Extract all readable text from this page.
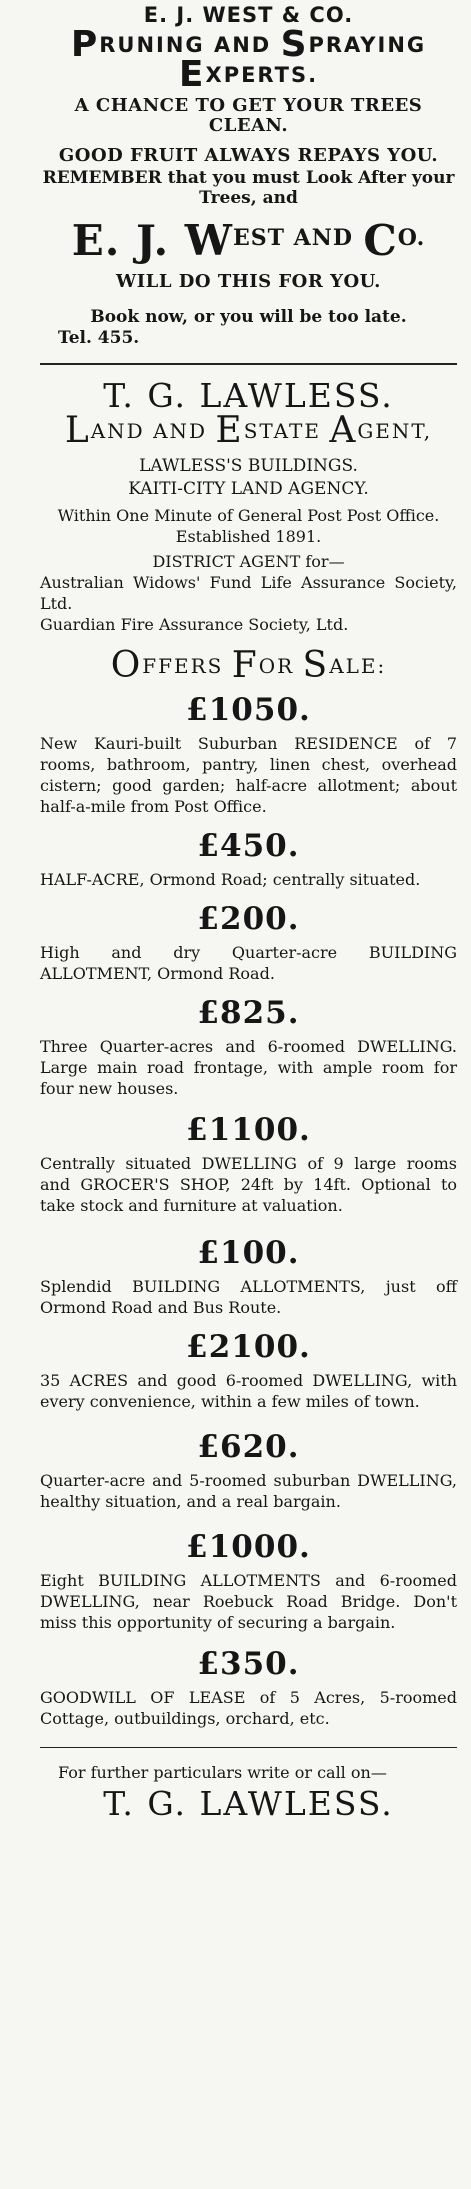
E. J. WEST & CO.

PRUNING AND SPRAYING

EXPERTS.

A CHANCE TO GET YOUR TREES CLEAN.

GOOD FRUIT ALWAYS REPAYS YOU.

REMEMBER that you must Look After your Trees, and

E. J. $W^{EST AND}$ $C^{O.}$

WILL DO THIS FOR YOU.

Book now, or you will be too late.

Tel. 455.

T. G. LAWLESS.

LAND AND ESTATE AGENT,

LAWLESS'S BUILDINGS.

KAITI-CITY LAND AGENCY.

Within One Minute of General Post Post Office.

Established 1891.

DISTRICT AGENT for—

Australian Widows' Fund Life Assurance Society, Ltd.

Guardian Fire Assurance Society, Ltd.

OFFERS FOR SALE:

£1050.

New Kauri-built Suburban RESIDENCE of 7 rooms, bathroom, pantry, linen chest, overhead cistern; good garden; half-acre allotment; about half-a-mile from Post Office.

£450.

HALF-ACRE, Ormond Road; centrally situated.

£200.

High and dry Quarter-acre BUILDING ALLOTMENT, Ormond Road.

£825.

Three Quarter-acres and 6-roomed DWELLING. Large main road frontage, with ample room for four new houses.

£1100.

Centrally situated DWELLING of 9 large rooms and GROCER'S SHOP, 24ft by 14ft. Optional to take stock and furniture at valuation.

£100.

Splendid BUILDING ALLOTMENTS, just off Ormond Road and Bus Route.

£2100.

35 ACRES and good 6-roomed DWELLING, with every convenience, within a few miles of town.

£620.

Quarter-acre and 5-roomed suburban DWELLING, healthy situation, and a real bargain.

£1000.

Eight BUILDING ALLOTMENTS and 6-roomed DWELLING, near Roebuck Road Bridge. Don't miss this opportunity of securing a bargain.

£350.

GOODWILL OF LEASE of 5 Acres, 5-roomed Cottage, outbuildings, orchard, etc.

For further particulars write or call on—

T. G. LAWLESS.
